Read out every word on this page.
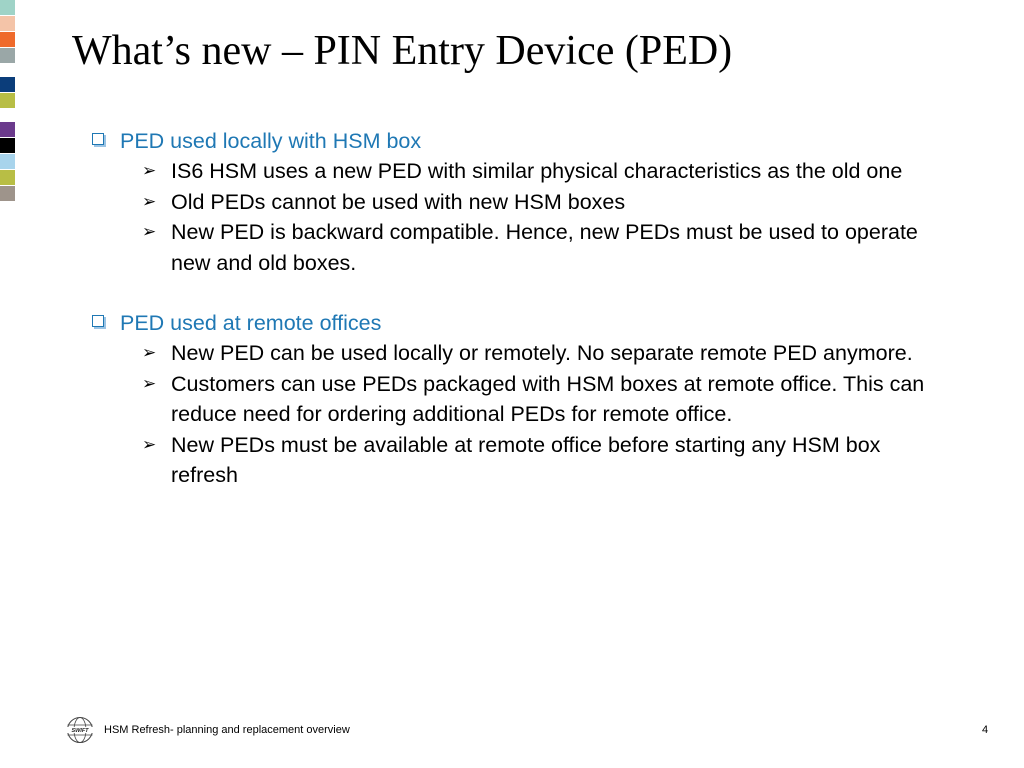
What’s new – PIN Entry Device (PED)
PED used locally with HSM box
➢ IS6 HSM uses a new PED with similar physical characteristics as the old one
➢ Old PEDs cannot be used with new HSM boxes
➢ New PED is backward compatible. Hence, new PEDs must be used to operate new and old boxes.
PED used at remote offices
➢ New PED can be used locally or remotely. No separate remote PED anymore.
➢ Customers can use PEDs packaged with HSM boxes at remote office. This can reduce need for ordering additional PEDs for remote office.
➢ New PEDs must be available at remote office before starting any HSM box refresh
SWIFT HSM Refresh- planning and replacement overview	4
